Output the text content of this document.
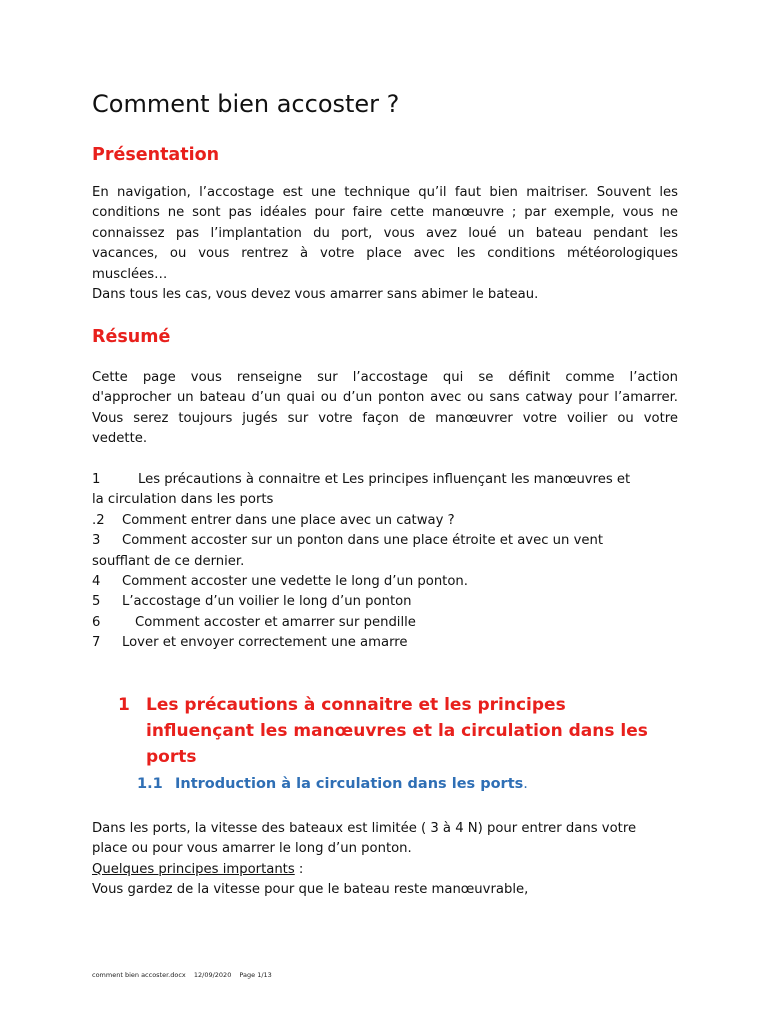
Comment bien accoster ?
Présentation

En navigation, l’accostage est une technique qu’il faut bien maitriser. Souvent les
conditions ne sont pas idéales pour faire cette manœuvre ; par exemple, vous ne
connaissez pas l’implantation du port, vous avez loué un bateau pendant les
vacances, ou vous rentrez à votre place avec les conditions météorologiques
musclées…
Dans tous les cas, vous devez vous amarrer sans abimer le bateau.

Résumé

Cette page vous renseigne sur l’accostage qui se définit comme l’action
d'approcher un bateau d’un quai ou d’un ponton avec ou sans catway pour l’amarrer.
Vous serez toujours jugés sur votre façon de manœuvrer votre voilier ou votre
vedette.

1	Les précautions à connaitre et Les principes influençant les manœuvres et
la circulation dans les ports
.2 Comment entrer dans une place avec un catway ?
3 Comment accoster sur un ponton dans une place étroite et avec un vent
soufflant de ce dernier.
4 Comment accoster une vedette le long d’un ponton.
5 L’accostage d’un voilier le long d’un ponton
6	Comment accoster et amarrer sur pendille
7 Lover et envoyer correctement une amarre
1 Les précautions à connaitre et les principes influençant les manœuvres et la circulation dans les ports
1.1 Introduction à la circulation dans les ports.
Dans les ports, la vitesse des bateaux est limitée ( 3 à 4 N) pour entrer dans votre
place ou pour vous amarrer le long d’un ponton.
Quelques principes importants :
Vous gardez de la vitesse pour que le bateau reste manœuvrable,
comment bien accoster.docx 12/09/2020 Page 1/13
